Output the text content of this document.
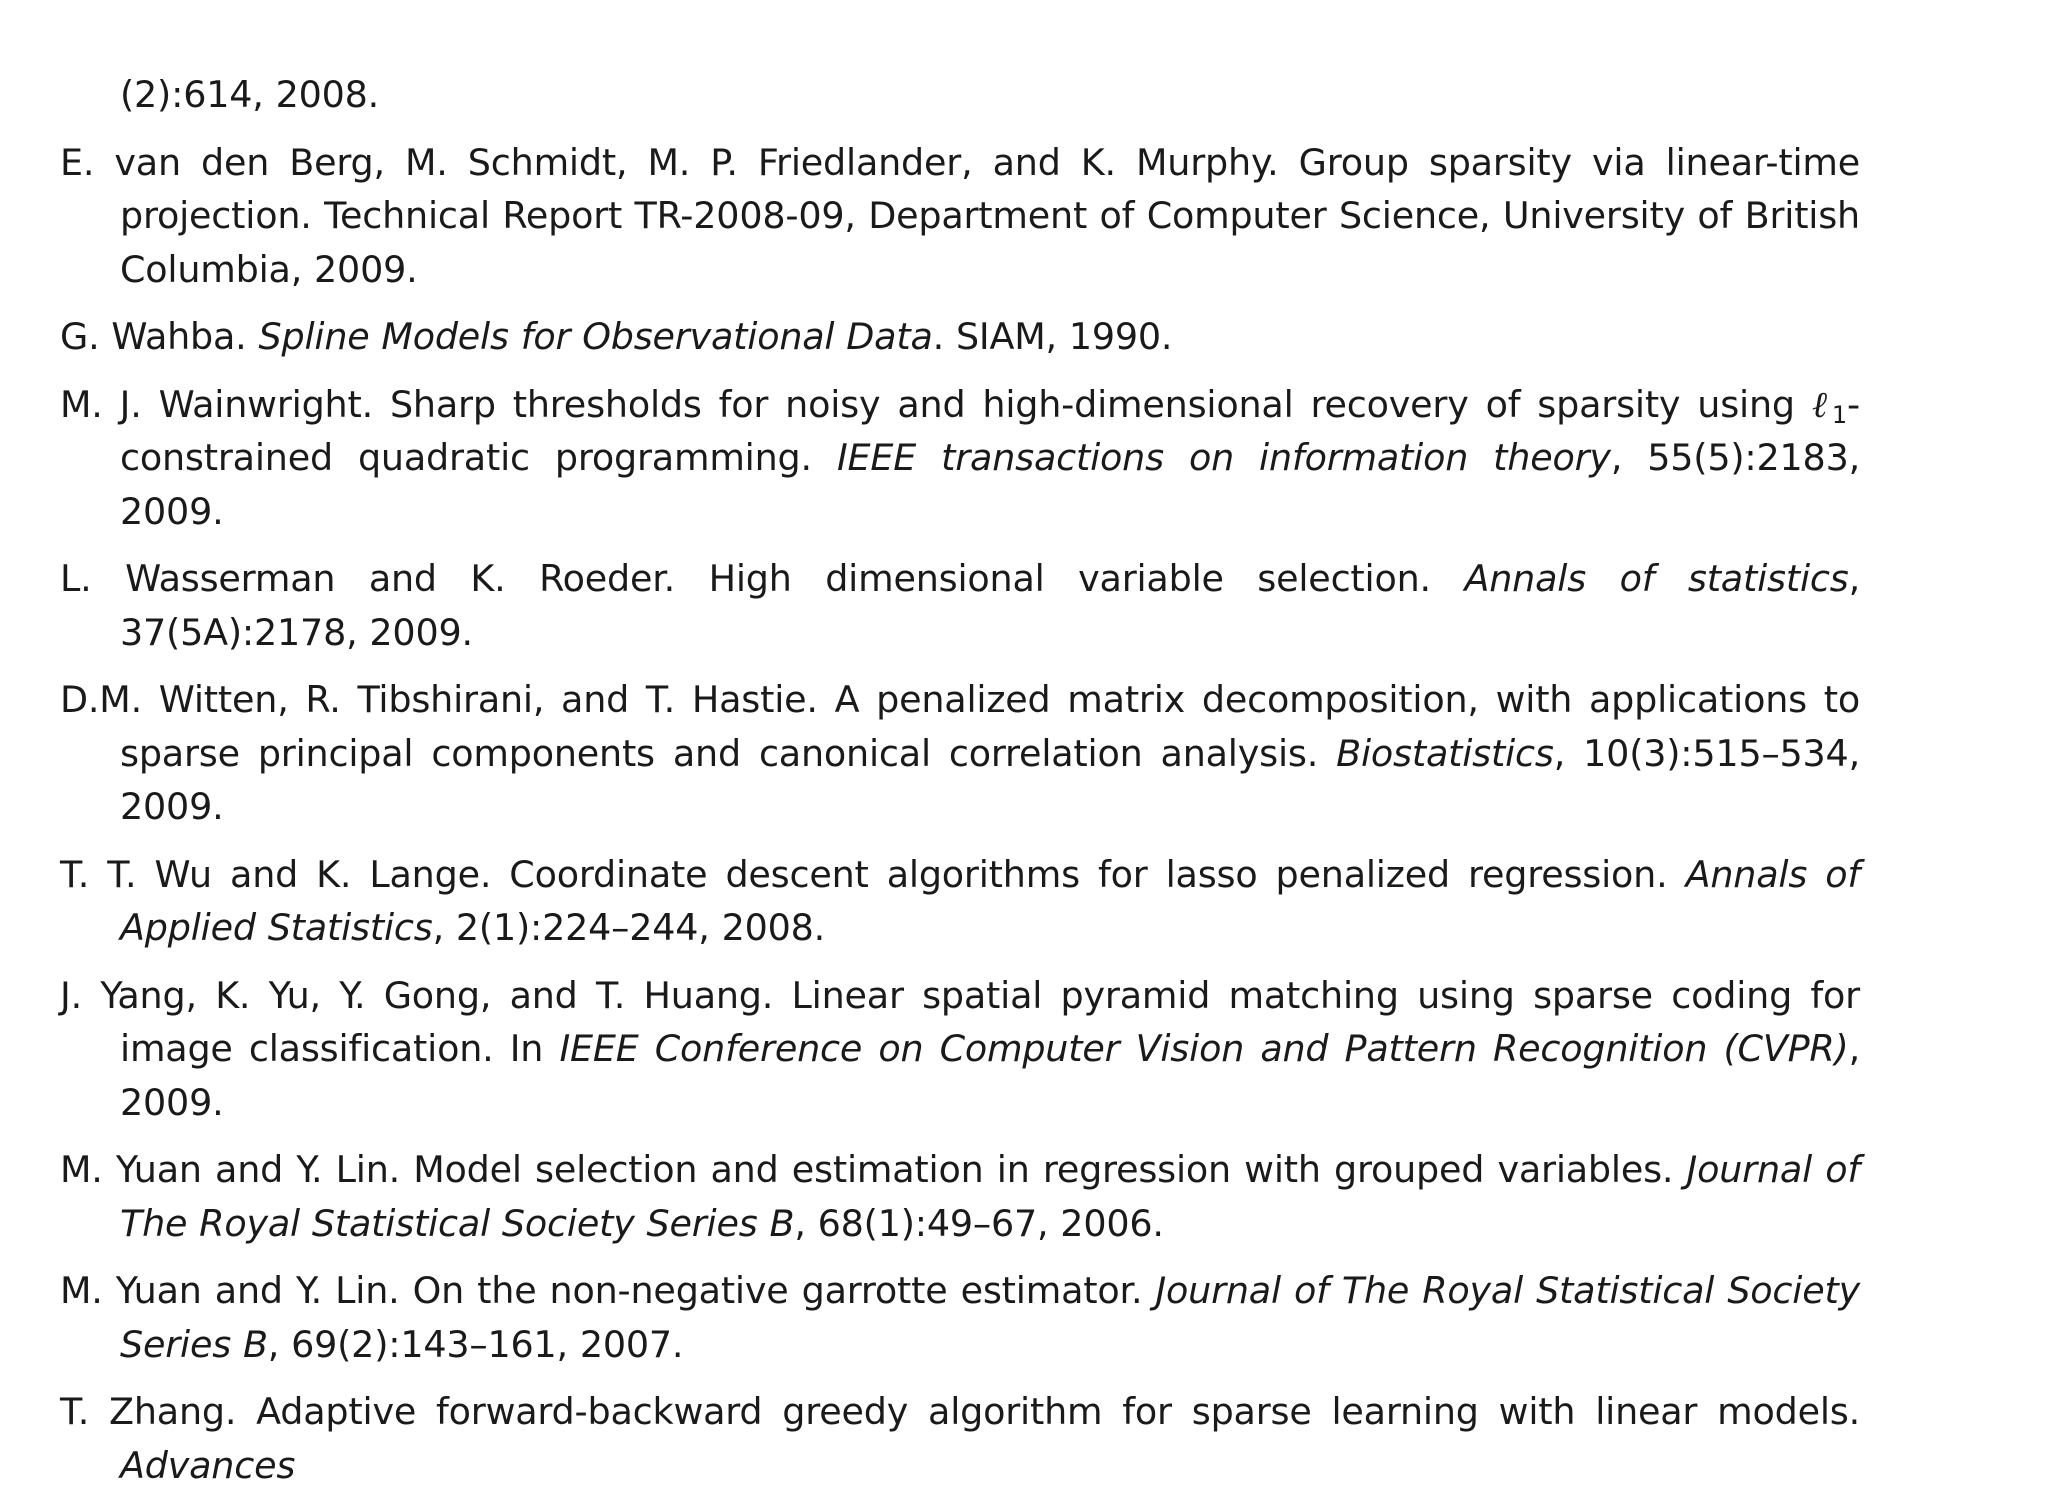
(2):614, 2008.
E. van den Berg, M. Schmidt, M. P. Friedlander, and K. Murphy. Group sparsity via linear-time projection. Technical Report TR-2008-09, Department of Computer Science, University of British Columbia, 2009.
G. Wahba. Spline Models for Observational Data. SIAM, 1990.
M. J. Wainwright. Sharp thresholds for noisy and high-dimensional recovery of sparsity using ℓ$_1$-constrained quadratic programming. IEEE transactions on information theory, 55(5):2183, 2009.
L. Wasserman and K. Roeder. High dimensional variable selection. Annals of statistics, 37(5A):2178, 2009.
D.M. Witten, R. Tibshirani, and T. Hastie. A penalized matrix decomposition, with applications to sparse principal components and canonical correlation analysis. Biostatistics, 10(3):515–534, 2009.
T. T. Wu and K. Lange. Coordinate descent algorithms for lasso penalized regression. Annals of Applied Statistics, 2(1):224–244, 2008.
J. Yang, K. Yu, Y. Gong, and T. Huang. Linear spatial pyramid matching using sparse coding for image classification. In IEEE Conference on Computer Vision and Pattern Recognition (CVPR), 2009.
M. Yuan and Y. Lin. Model selection and estimation in regression with grouped variables. Journal of The Royal Statistical Society Series B, 68(1):49–67, 2006.
M. Yuan and Y. Lin. On the non-negative garrotte estimator. Journal of The Royal Statistical Society Series B, 69(2):143–161, 2007.
T. Zhang. Adaptive forward-backward greedy algorithm for sparse learning with linear models. Advances
